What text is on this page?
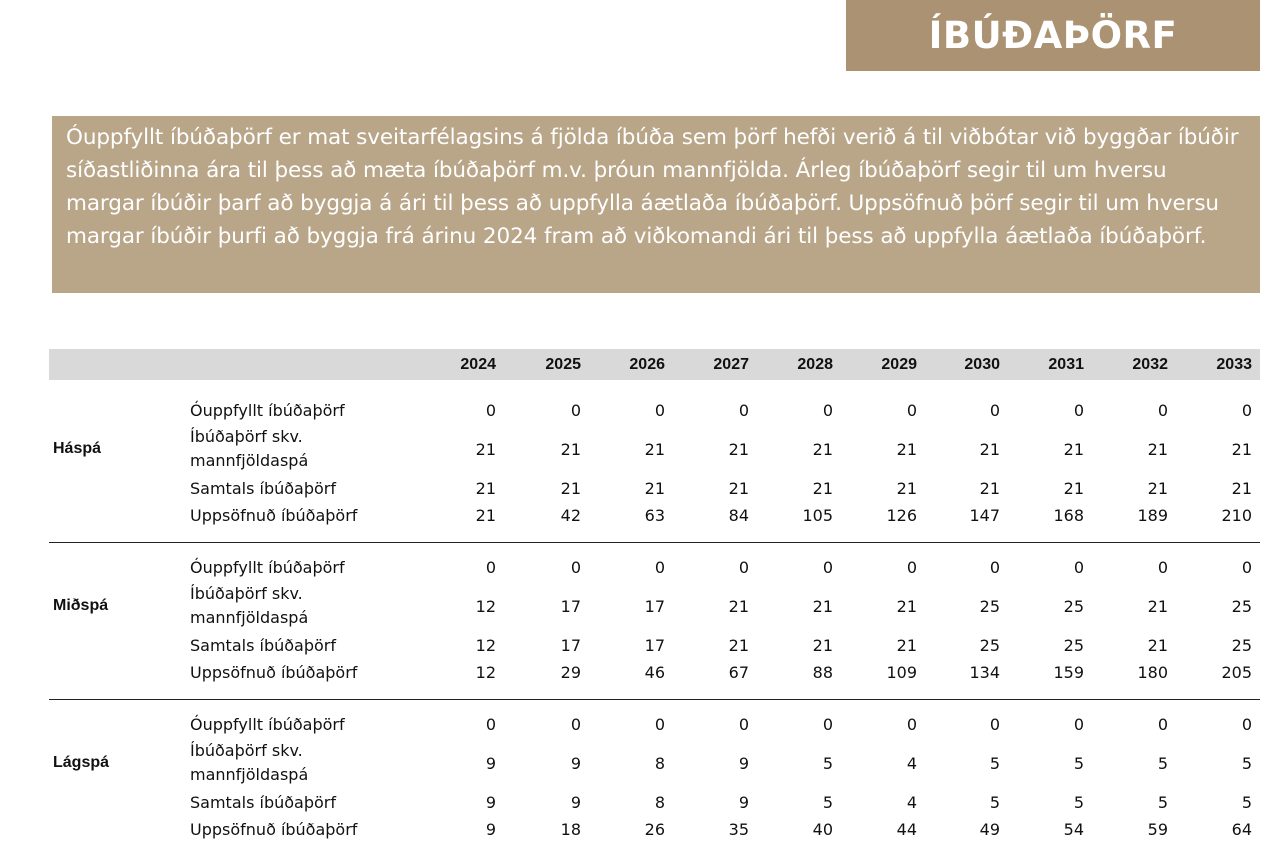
ÍBÚÐAÞÖRF
Óuppfyllt íbúðaþörf er mat sveitarfélagsins á fjölda íbúða sem þörf hefði verið á til viðbótar við byggðar íbúðir síðastliðinna ára til þess að mæta íbúðaþörf m.v. þróun mannfjölda. Árleg íbúðaþörf segir til um hversu margar íbúðir þarf að byggja á ári til þess að uppfylla áætlaða íbúðaþörf. Uppsöfnuð þörf segir til um hversu margar íbúðir þurfi að byggja frá árinu 2024 fram að viðkomandi ári til þess að uppfylla áætlaða íbúðaþörf.
2024	2025	2026	2027	2028	2029	2030	2031	2032	2033
Háspá
Óuppfyllt íbúðaþörf	0	0	0	0	0	0	0	0	0	0
Íbúðaþörf skv. mannfjöldaspá
21	21	21	21	21	21	21	21	21	21
Samtals íbúðaþörf	21	21	21	21	21	21	21	21	21	21
Uppsöfnuð íbúðaþörf	21	42	63	84	105	126	147	168	189	210
Miðspá
Óuppfyllt íbúðaþörf	0	0	0	0	0	0	0	0	0	0
Íbúðaþörf skv. mannfjöldaspá
12	17	17	21	21	21	25	25	21	25
Samtals íbúðaþörf	12	17	17	21	21	21	25	25	21	25
Uppsöfnuð íbúðaþörf	12	29	46	67	88	109	134	159	180	205
Lágspá
Óuppfyllt íbúðaþörf	0	0	0	0	0	0	0	0	0	0
Íbúðaþörf skv. mannfjöldaspá
9	9	8	9	5	4	5	5	5	5
Samtals íbúðaþörf	9	9	8	9	5	4	5	5	5	5
Uppsöfnuð íbúðaþörf	9	18	26	35	40	44	49	54	59	64
